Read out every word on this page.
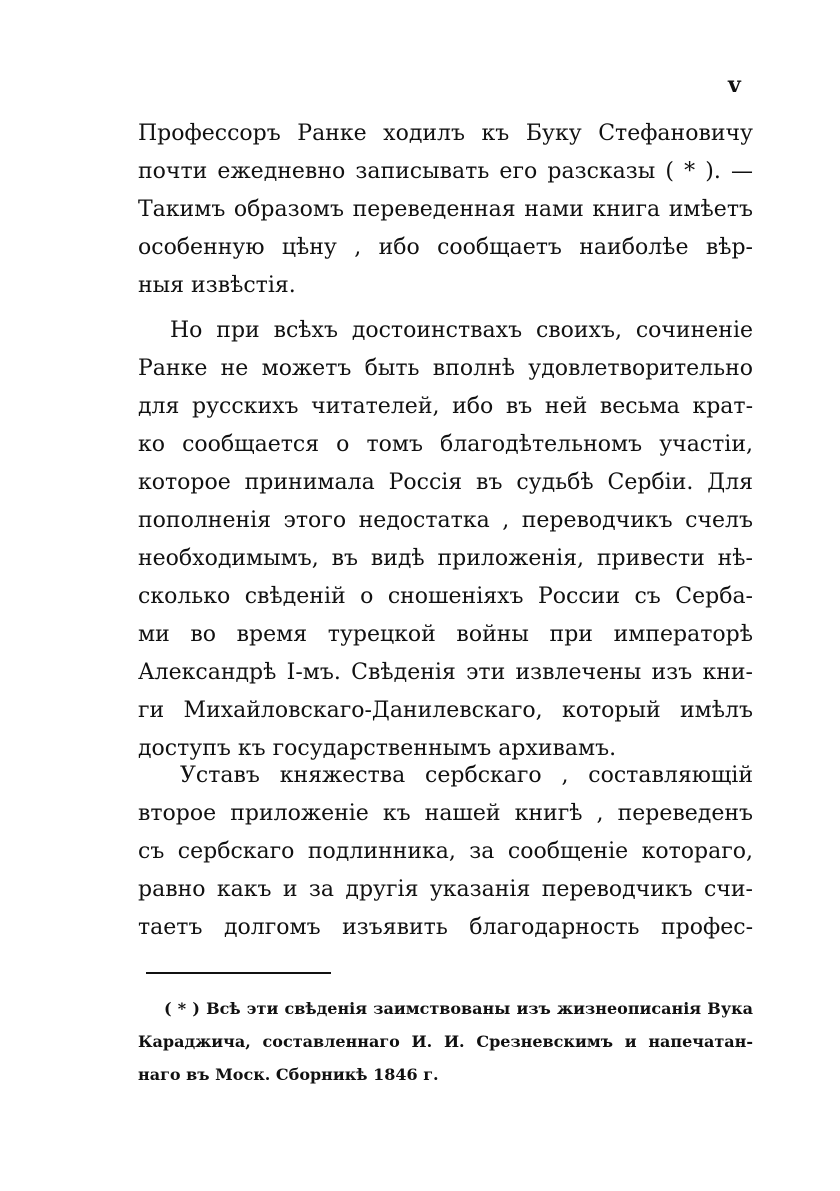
v
Профессоръ Ранке ходилъ къ Буку Стефановичу
почти ежедневно записывать его разсказы ( * ). —
Такимъ образомъ переведенная нами книга имѣетъ
особенную цѣну , ибо сообщаетъ наиболѣе вѣр-
ныя извѣстія.
Но при всѣхъ достоинствахъ своихъ, сочиненіе
Ранке не можетъ быть вполнѣ удовлетворительно
для русскихъ читателей, ибо въ ней весьма крат-
ко сообщается о томъ благодѣтельномъ участіи,
которое принимала Россія въ судьбѣ Сербіи. Для
пополненія этого недостатка , переводчикъ счелъ
необходимымъ, въ видѣ приложенія, привести нѣ-
сколько свѣденій о сношеніяхъ России съ Серба-
ми во время турецкой войны при императорѣ
Александрѣ I-мъ. Свѣденія эти извлечены изъ кни-
ги Михайловскаго-Данилевскаго, который имѣлъ
доступъ къ государственнымъ архивамъ.
Уставъ княжества сербскаго , составляющій
второе приложеніе къ нашей книгѣ , переведенъ
съ сербскаго подлинника, за сообщеніе котораго,
равно какъ и за другія указанія переводчикъ счи-
таетъ долгомъ изъявить благодарность профес-
( * ) Всѣ эти свѣденія заимствованы изъ жизнеописанія Вука
Караджича, составленнаго И. И. Срезневскимъ и напечатан-
наго въ Моск. Сборникѣ 1846 г.
